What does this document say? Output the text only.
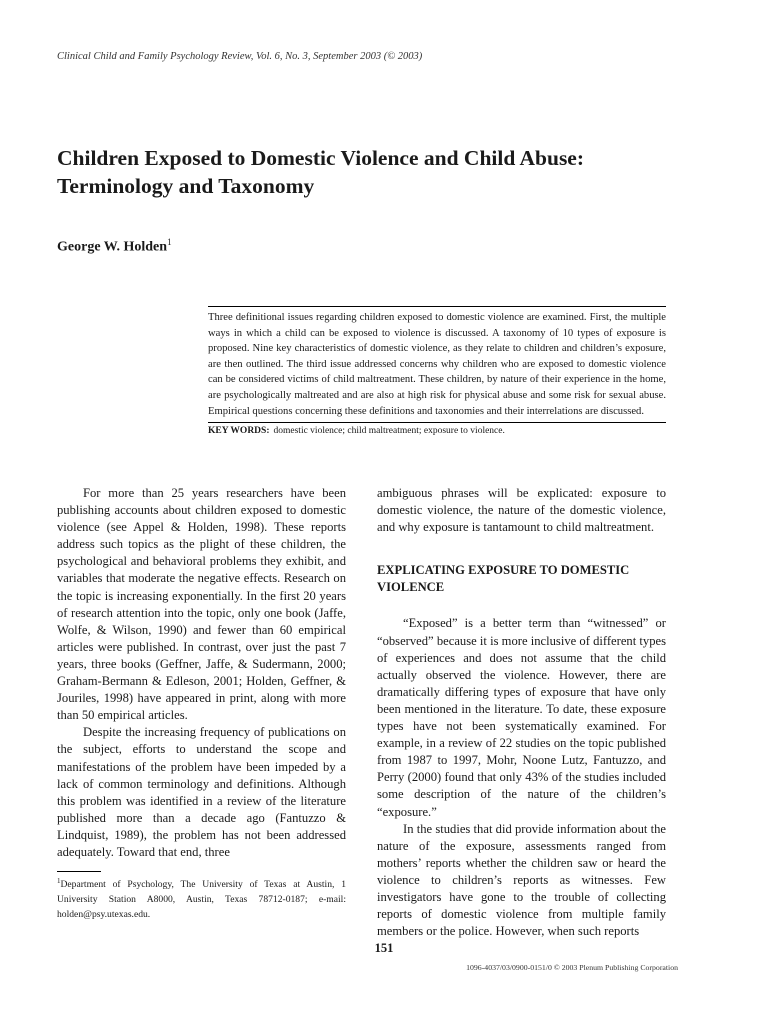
Clinical Child and Family Psychology Review, Vol. 6, No. 3, September 2003 (© 2003)
Children Exposed to Domestic Violence and Child Abuse: Terminology and Taxonomy
George W. Holden$^1$
Three definitional issues regarding children exposed to domestic violence are examined. First, the multiple ways in which a child can be exposed to violence is discussed. A taxonomy of 10 types of exposure is proposed. Nine key characteristics of domestic violence, as they relate to children and children’s exposure, are then outlined. The third issue addressed concerns why children who are exposed to domestic violence can be considered victims of child maltreatment. These children, by nature of their experience in the home, are psychologically maltreated and are also at high risk for physical abuse and some risk for sexual abuse. Empirical questions concerning these definitions and taxonomies and their interrelations are discussed.
KEY WORDS: domestic violence; child maltreatment; exposure to violence.

For more than 25 years researchers have been publishing accounts about children exposed to domestic violence (see Appel & Holden, 1998). These reports address such topics as the plight of these children, the psychological and behavioral problems they exhibit, and variables that moderate the negative effects. Research on the topic is increasing exponentially. In the first 20 years of research attention into the topic, only one book (Jaffe, Wolfe, & Wilson, 1990) and fewer than 60 empirical articles were published. In contrast, over just the past 7 years, three books (Geffner, Jaffe, & Sudermann, 2000; Graham-Bermann & Edleson, 2001; Holden, Geffner, & Jouriles, 1998) have appeared in print, along with more than 50 empirical articles.

Despite the increasing frequency of publications on the subject, efforts to understand the scope and manifestations of the problem have been impeded by a lack of common terminology and definitions. Although this problem was identified in a review of the literature published more than a decade ago (Fantuzzo & Lindquist, 1989), the problem has not been addressed adequately. Toward that end, three

ambiguous phrases will be explicated: exposure to domestic violence, the nature of the domestic violence, and why exposure is tantamount to child maltreatment.

EXPLICATING EXPOSURE TO DOMESTIC VIOLENCE

“Exposed” is a better term than “witnessed” or “observed” because it is more inclusive of different types of experiences and does not assume that the child actually observed the violence. However, there are dramatically differing types of exposure that have only been mentioned in the literature. To date, these exposure types have not been systematically examined. For example, in a review of 22 studies on the topic published from 1987 to 1997, Mohr, Noone Lutz, Fantuzzo, and Perry (2000) found that only 43% of the studies included some description of the nature of the children’s “exposure.”

In the studies that did provide information about the nature of the exposure, assessments ranged from mothers’ reports whether the children saw or heard the violence to children’s reports as witnesses. Few investigators have gone to the trouble of collecting reports of domestic violence from multiple family members or the police. However, when such reports

$^1$Department of Psychology, The University of Texas at Austin, 1 University Station A8000, Austin, Texas 78712-0187; e-mail: holden@psy.utexas.edu.
151
1096-4037/03/0900-0151/0 © 2003 Plenum Publishing Corporation
